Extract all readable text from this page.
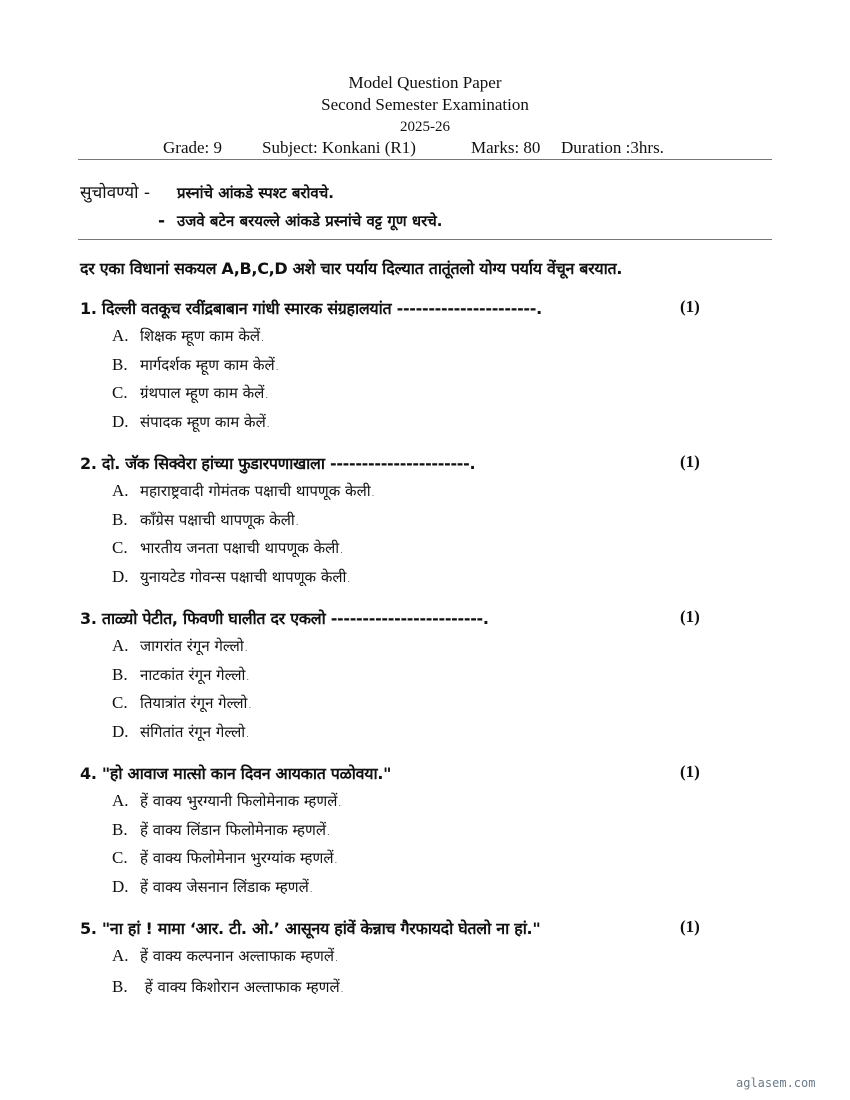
Model Question Paper
Second Semester Examination
2025-26
Grade: 9 Subject: Konkani (R1)	Marks: 80 Duration :3hrs.
सुचोवण्यो - प्रस्नांचे आंकडे स्पश्ट बरोवचे.
- उजवे बटेन बरयल्ले आंकडे प्रस्नांचे वट्ट गूण धरचे.
दर एका विधानां सकयल A,B,C,D अशे चार पर्याय दिल्यात तातूंतलो योग्य पर्याय वेंचून बरयात.
1. दिल्ली वतकूच रवींद्रबाबान गांधी स्मारक संग्रहालयांत ----------------------.	(1)
A. शिक्षक म्हूण काम केलें.
B. मार्गदर्शक म्हूण काम केलें.
C. ग्रंथपाल म्हूण काम केलें.
D. संपादक म्हूण काम केलें.
2. दो. जॅक सिक्वेरा हांच्या फुडारपणाखाला ----------------------.	(1)
A. महाराष्ट्रवादी गोमंतक पक्षाची थापणूक केली.
B. काँग्रेस पक्षाची थापणूक केली.
C. भारतीय जनता पक्षाची थापणूक केली.
D. युनायटेड गोवन्स पक्षाची थापणूक केली.
3. ताळ्यो पेटीत, फिवणी घालीत दर एकलो ------------------------.	(1)
A. जागरांत रंगून गेल्लो.
B. नाटकांत रंगून गेल्लो.
C. तियात्रांत रंगून गेल्लो.
D. संगितांत रंगून गेल्लो.
4. "हो आवाज मात्सो कान दिवन आयकात पळोवया."	(1)
A. हें वाक्य भुरग्यानी फिलोमेनाक म्हणलें.
B. हें वाक्य लिंडान फिलोमेनाक म्हणलें.
C. हें वाक्य फिलोमेनान भुरग्यांक म्हणलें.
D. हें वाक्य जेसनान लिंडाक म्हणलें.
5. "ना हां ! मामा ‘आर. टी. ओ.’ आसूनय हांवें केन्नाच गैरफायदो घेतलो ना हां."	(1)
A. हें वाक्य कल्पनान अल्ताफाक म्हणलें.
B. हें वाक्य किशोरान अल्ताफाक म्हणलें.
aglasem.com
